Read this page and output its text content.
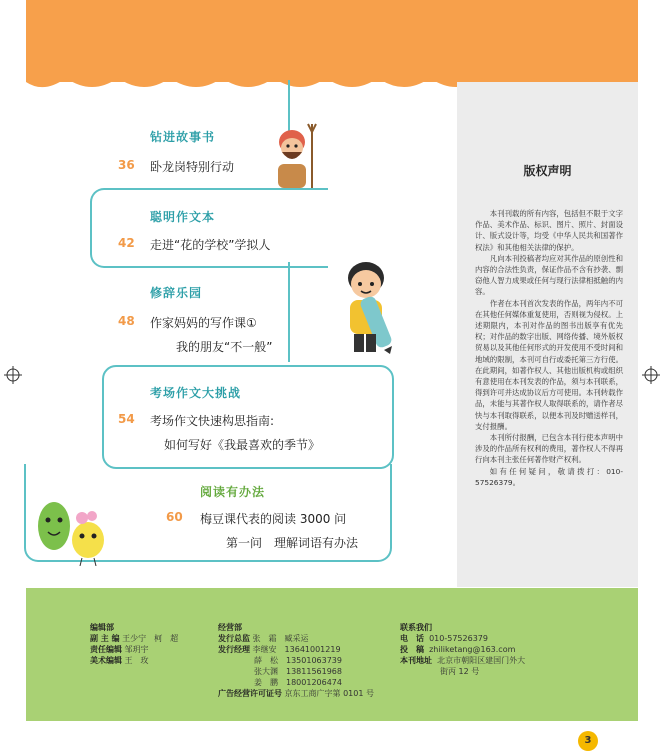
版权声明

本刊刊载的所有内容，包括但不限于文字作品、美术作品、标识、图片、照片、封面设计、版式设计等，均受《中华人民共和国著作权法》和其他相关法律的保护。

凡向本刊投稿者均应对其作品的原创性和内容的合法性负责，保证作品不含有抄袭、剽窃他人智力成果或任何与现行法律相抵触的内容。

作者在本刊首次发表的作品，两年内不可在其他任何媒体重复使用，否则视为侵权。上述期限内，本刊对作品的图书出版享有优先权；对作品的数字出版、网络传播、境外版权贸易以及其他任何形式的开发使用不受时间和地域的限制，本刊可自行或委托第三方行使。在此期间，如著作权人、其他出版机构或组织有意使用在本刊发表的作品，须与本刊联系，得到许可并达成协议后方可使用。本刊转载作品，未能与其著作权人取得联系的，请作者尽快与本刊取得联系，以便本刊及时赠送样刊，支付报酬。

本刊所付报酬，已包含本刊行使本声明中涉及的作品所有权利的费用，著作权人不得再行向本刊主张任何著作财产权利。

如有任何疑问，敬请拨打：010-57526379。

钻进故事书
36 卧龙岗特别行动
聪明作文本
42 走进“花的学校”学拟人
修辞乐园
48 作家妈妈的写作课①
我的朋友“不一般”
考场作文大挑战
54 考场作文快速构思指南:
如何写好《我最喜欢的季节》
阅读有办法
60 梅豆课代表的阅读 3000 问
第一问　理解词语有办法
编辑部
副 主 编 王少宁　柯　超
责任编辑 邹玥宇
美术编辑 王　玫
经营部
发行总监 张　霜　臧采运
发行经理 李继安　13641001219
薛　松　13501063739
张大渊　13811561968
姜　鹏　18001206474
广告经营许可证号 京东工商广字第 0101 号
联系我们
电　话 010-57526379
投　稿 zhiliketang@163.com
本刊地址 北京市朝阳区建国门外大
街丙 12 号
3
